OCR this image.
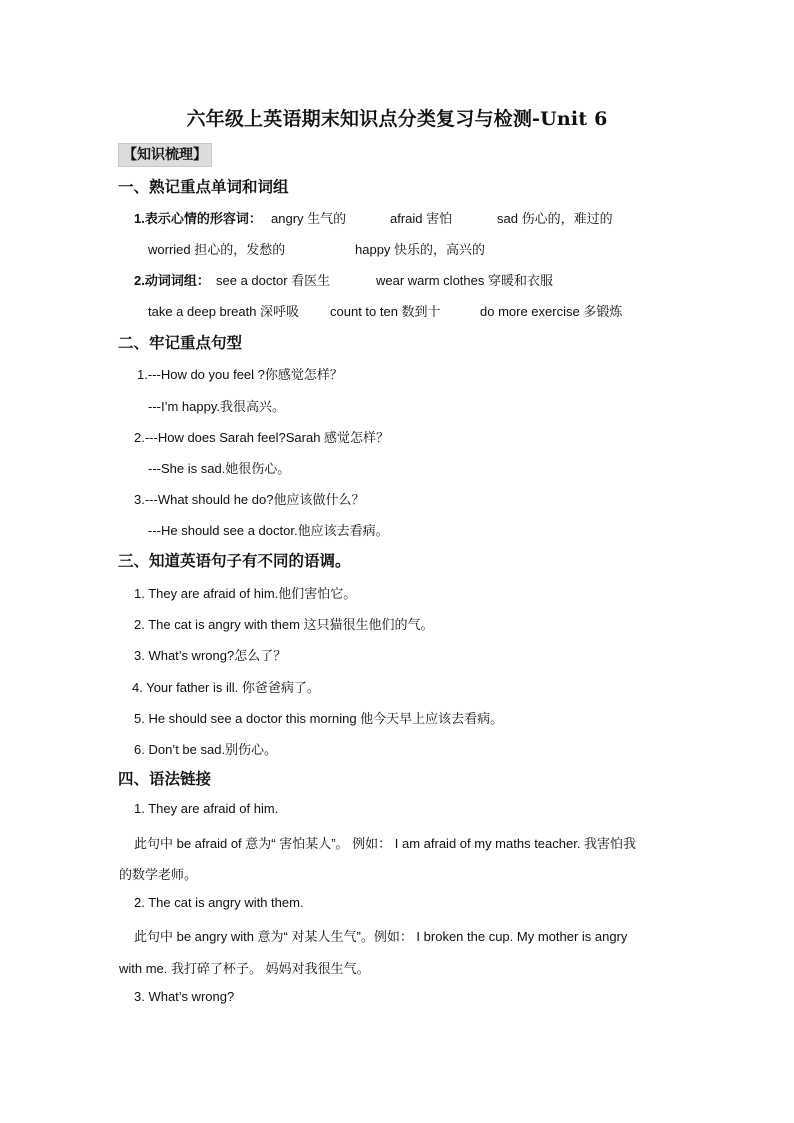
六年级上英语期末知识点分类复习与检测-Unit 6
【知识梳理】
一、熟记重点单词和词组
1.表示心情的形容词： angry 生气的	afraid 害怕	sad 伤心的，难过的
worried 担心的，发愁的	happy 快乐的，高兴的
2.动词词组： see a doctor 看医生	wear warm clothes 穿暖和衣服
take a deep breath 深呼吸 count to ten 数到十	do more exercise 多锻炼
二、牢记重点句型
1.---How do you feel ?你感觉怎样？
---I’m happy.我很高兴。
2.---How does Sarah feel?Sarah 感觉怎样？
---She is sad.她很伤心。
3.---What should he do?他应该做什么？
---He should see a doctor.他应该去看病。
三、知道英语句子有不同的语调。
1. They are afraid of him.他们害怕它。
2. The cat is angry with them 这只猫很生他们的气。
3. What’s wrong?怎么了？
4. Your father is ill. 你爸爸病了。
5. He should see a doctor this morning 他今天早上应该去看病。
6. Don’t be sad.别伤心。
四、语法链接
1. They are afraid of him.
此句中 be afraid of 意为“ 害怕某人”。 例如： I am afraid of my maths teacher. 我害怕我
的数学老师。
2. The cat is angry with them.
此句中 be angry with 意为“ 对某人生气”。例如： I broken the cup. My mother is angry
with me. 我打碎了杯子。 妈妈对我很生气。
3. What’s wrong?
